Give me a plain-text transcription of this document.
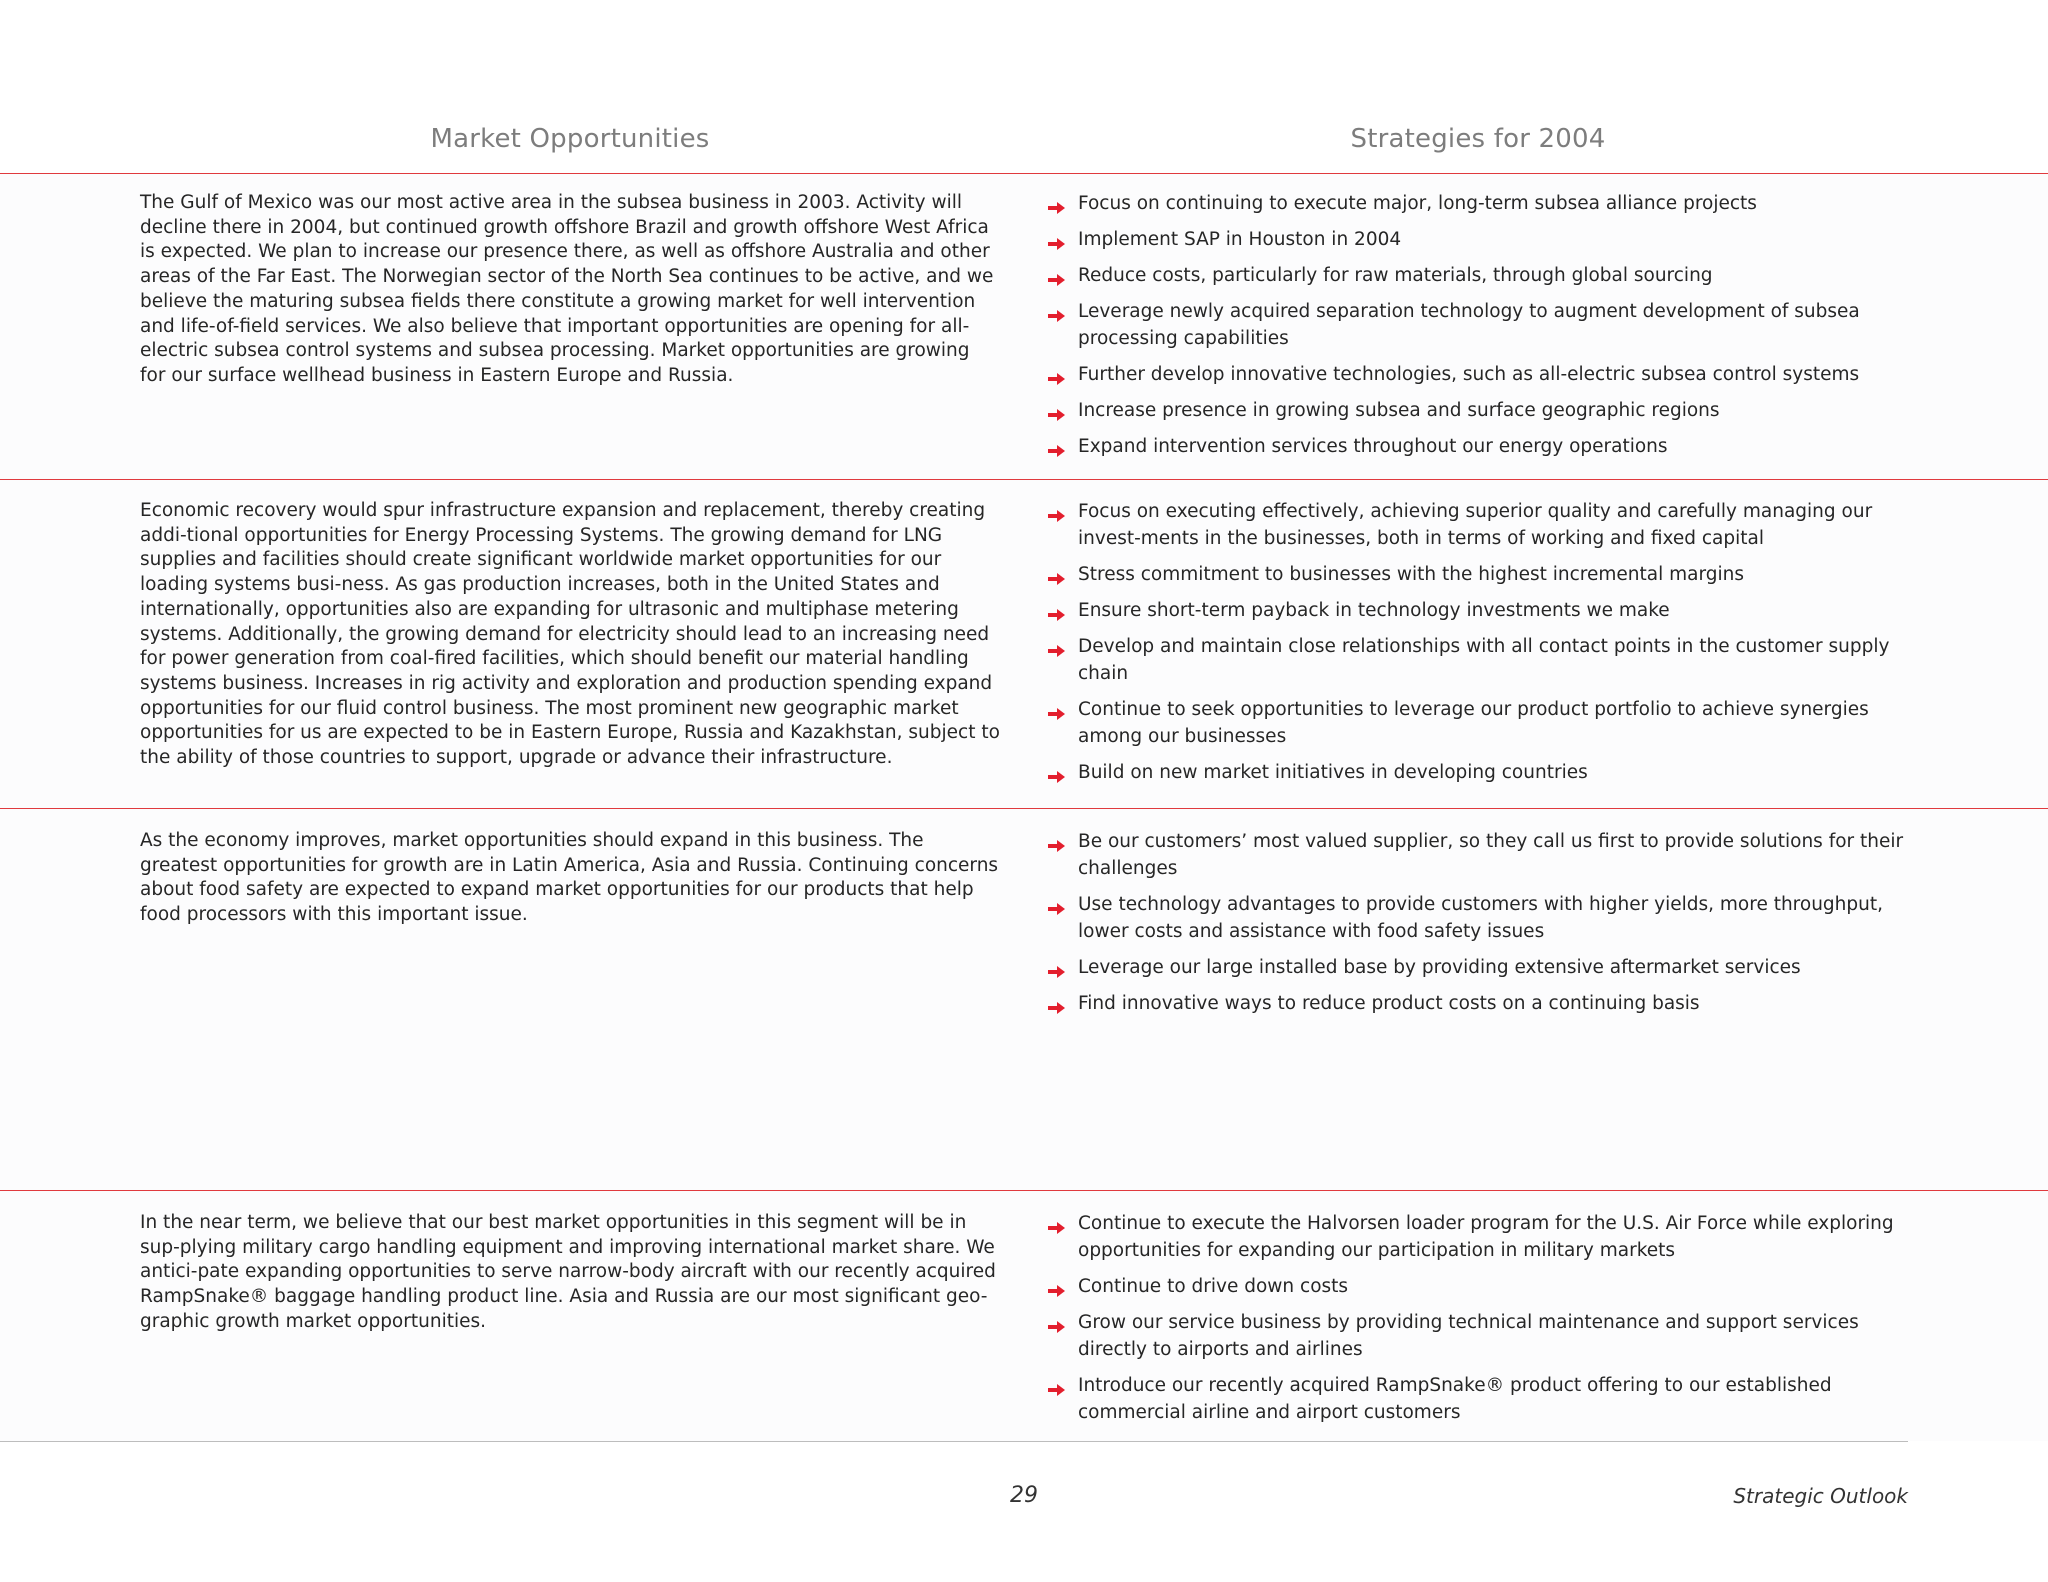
Market Opportunities	Strategies for 2004
The Gulf of Mexico was our most active area in the subsea business in 2003. Activity will decline there in 2004, but continued growth offshore Brazil and growth offshore West Africa is expected. We plan to increase our presence there, as well as offshore Australia and other areas of the Far East. The Norwegian sector of the North Sea continues to be active, and we believe the maturing subsea fields there constitute a growing market for well intervention and life-of-field services. We also believe that important opportunities are opening for all-electric subsea control systems and subsea processing. Market opportunities are growing for our surface wellhead business in Eastern Europe and Russia.
Focus on continuing to execute major, long-term subsea alliance projects
Implement SAP in Houston in 2004
Reduce costs, particularly for raw materials, through global sourcing
Leverage newly acquired separation technology to augment development of subsea processing capabilities
Further develop innovative technologies, such as all-electric subsea control systems
Increase presence in growing subsea and surface geographic regions
Expand intervention services throughout our energy operations
Economic recovery would spur infrastructure expansion and replacement, thereby creating addi-tional opportunities for Energy Processing Systems. The growing demand for LNG supplies and facilities should create significant worldwide market opportunities for our loading systems busi-ness. As gas production increases, both in the United States and internationally, opportunities also are expanding for ultrasonic and multiphase metering systems. Additionally, the growing demand for electricity should lead to an increasing need for power generation from coal-fired facilities, which should benefit our material handling systems business. Increases in rig activity and exploration and production spending expand opportunities for our fluid control business. The most prominent new geographic market opportunities for us are expected to be in Eastern Europe, Russia and Kazakhstan, subject to the ability of those countries to support, upgrade or advance their infrastructure.
Focus on executing effectively, achieving superior quality and carefully managing our invest-ments in the businesses, both in terms of working and fixed capital
Stress commitment to businesses with the highest incremental margins
Ensure short-term payback in technology investments we make
Develop and maintain close relationships with all contact points in the customer supply chain
Continue to seek opportunities to leverage our product portfolio to achieve synergies among our businesses
Build on new market initiatives in developing countries
As the economy improves, market opportunities should expand in this business. The greatest opportunities for growth are in Latin America, Asia and Russia. Continuing concerns about food safety are expected to expand market opportunities for our products that help food processors with this important issue.
Be our customers’ most valued supplier, so they call us first to provide solutions for their challenges
Use technology advantages to provide customers with higher yields, more throughput, lower costs and assistance with food safety issues
Leverage our large installed base by providing extensive aftermarket services
Find innovative ways to reduce product costs on a continuing basis
In the near term, we believe that our best market opportunities in this segment will be in sup-plying military cargo handling equipment and improving international market share. We antici-pate expanding opportunities to serve narrow-body aircraft with our recently acquired RampSnake® baggage handling product line. Asia and Russia are our most significant geo-graphic growth market opportunities.
Continue to execute the Halvorsen loader program for the U.S. Air Force while exploring opportunities for expanding our participation in military markets
Continue to drive down costs
Grow our service business by providing technical maintenance and support services directly to airports and airlines
Introduce our recently acquired RampSnake® product offering to our established commercial airline and airport customers
29	Strategic Outlook
